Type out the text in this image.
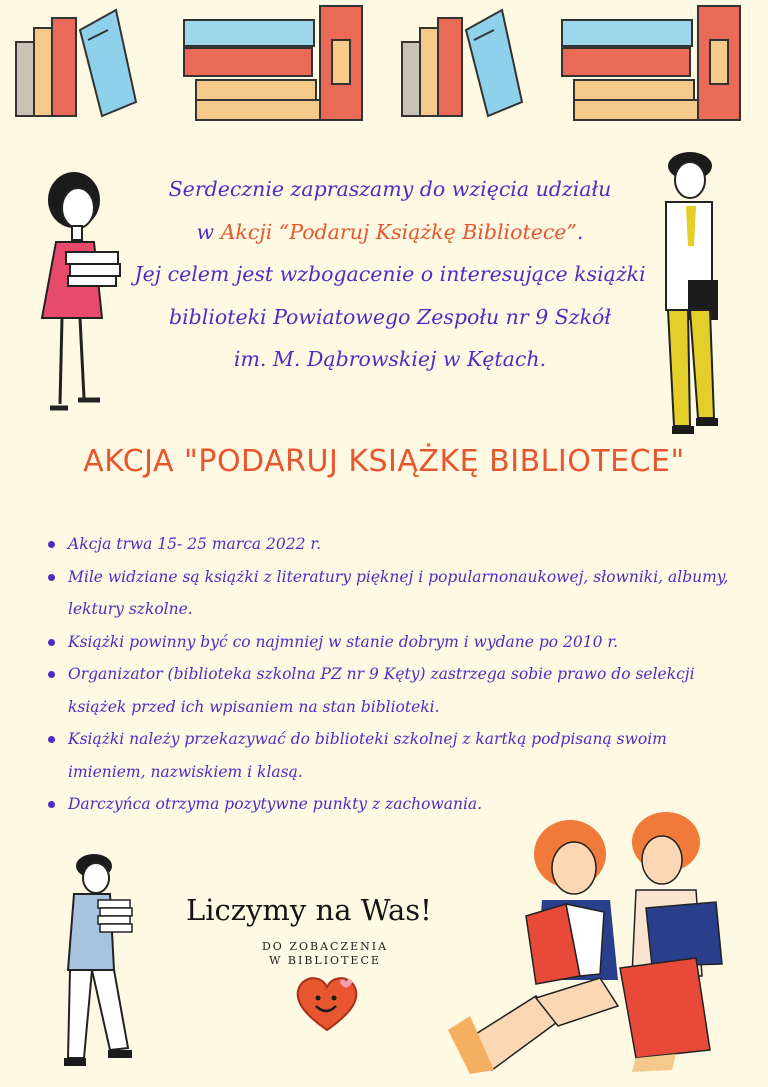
Serdecznie zapraszamy do wzięcia udziału
w Akcji “Podaruj Książkę Bibliotece”.
Jej celem jest wzbogacenie o interesujące książki
biblioteki Powiatowego Zespołu nr 9 Szkół
im. M. Dąbrowskiej w Kętach.
AKCJA "PODARUJ KSIĄŻKĘ BIBLIOTECE"
Akcja trwa 15- 25 marca 2022 r.
Mile widziane są książki z literatury pięknej i popularnonaukowej, słowniki, albumy, lektury szkolne.
Książki powinny być co najmniej w stanie dobrym i wydane po 2010 r.
Organizator (biblioteka szkolna PZ nr 9 Kęty) zastrzega sobie prawo do selekcji książek przed ich wpisaniem na stan biblioteki.
Książki należy przekazywać do biblioteki szkolnej z kartką podpisaną swoim imieniem, nazwiskiem i klasą.
Darczyńca otrzyma pozytywne punkty z zachowania.
Liczymy na Was!
DO ZOBACZENIA
W BIBLIOTECE
